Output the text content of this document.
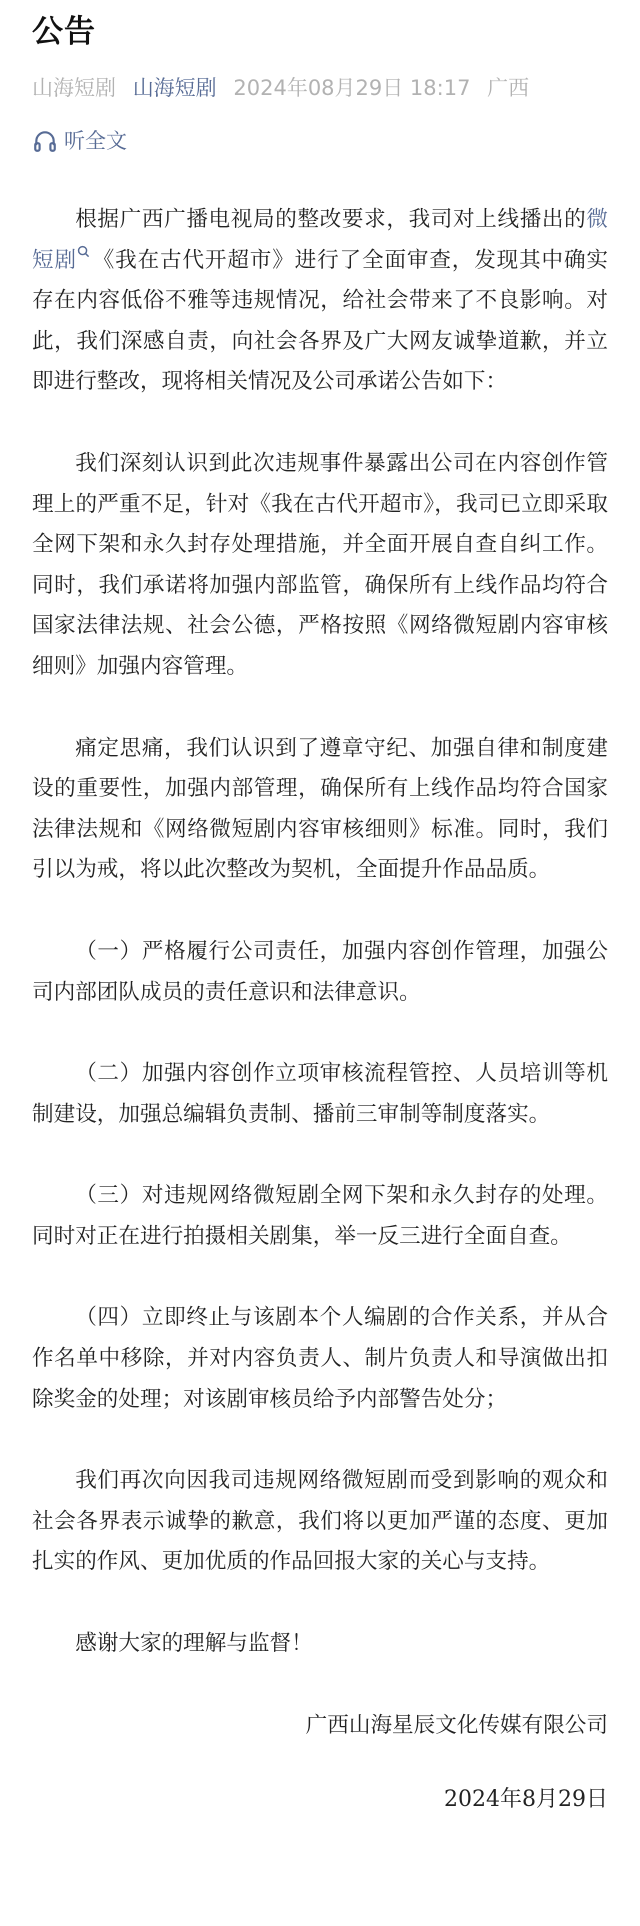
公告
山海短剧 山海短剧 2024年08月29日 18:17 广西
听全文

根据广西广播电视局的整改要求，我司对上线播出的微短剧 《我在古代开超市》进行了全面审查，发现其中确实存在内容低俗不雅等违规情况，给社会带来了不良影响。对此，我们深感自责，向社会各界及广大网友诚挚道歉，并立即进行整改，现将相关情况及公司承诺公告如下：

我们深刻认识到此次违规事件暴露出公司在内容创作管理上的严重不足，针对《我在古代开超市》，我司已立即采取全网下架和永久封存处理措施，并全面开展自查自纠工作。同时，我们承诺将加强内部监管，确保所有上线作品均符合国家法律法规、社会公德，严格按照《网络微短剧内容审核细则》加强内容管理。

痛定思痛，我们认识到了遵章守纪、加强自律和制度建设的重要性，加强内部管理，确保所有上线作品均符合国家法律法规和《网络微短剧内容审核细则》标准。同时，我们引以为戒，将以此次整改为契机，全面提升作品品质。

（一）严格履行公司责任，加强内容创作管理，加强公司内部团队成员的责任意识和法律意识。

（二）加强内容创作立项审核流程管控、人员培训等机制建设，加强总编辑负责制、播前三审制等制度落实。

（三）对违规网络微短剧全网下架和永久封存的处理。同时对正在进行拍摄相关剧集，举一反三进行全面自查。

（四）立即终止与该剧本个人编剧的合作关系，并从合作名单中移除，并对内容负责人、制片负责人和导演做出扣除奖金的处理；对该剧审核员给予内部警告处分；

我们再次向因我司违规网络微短剧而受到影响的观众和社会各界表示诚挚的歉意，我们将以更加严谨的态度、更加扎实的作风、更加优质的作品回报大家的关心与支持。

感谢大家的理解与监督！

广西山海星辰文化传媒有限公司

2024年8月29日
